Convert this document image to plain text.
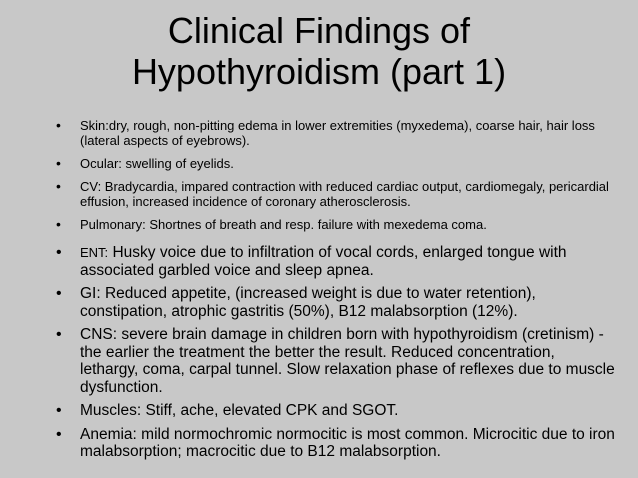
Clinical Findings of
Hypothyroidism (part 1)
• Skin:dry, rough, non-pitting edema in lower extremities (myxedema), coarse hair, hair loss (lateral aspects of eyebrows).
• Ocular: swelling of eyelids.
• CV: Bradycardia, impared contraction with reduced cardiac output, cardiomegaly, pericardial effusion, increased incidence of coronary atherosclerosis.
• Pulmonary: Shortnes of breath and resp. failure with mexedema coma.
• ENT: Husky voice due to infiltration of vocal cords, enlarged tongue with associated garbled voice and sleep apnea.
• GI: Reduced appetite, (increased weight is due to water retention), constipation, atrophic gastritis (50%), B12 malabsorption (12%).
• CNS: severe brain damage in children born with hypothyroidism (cretinism) - the earlier the treatment the better the result. Reduced concentration, lethargy, coma, carpal tunnel. Slow relaxation phase of reflexes due to muscle dysfunction.
• Muscles: Stiff, ache, elevated CPK and SGOT.
• Anemia: mild normochromic normocitic is most common. Microcitic due to iron malabsorption; macrocitic due to B12 malabsorption.
